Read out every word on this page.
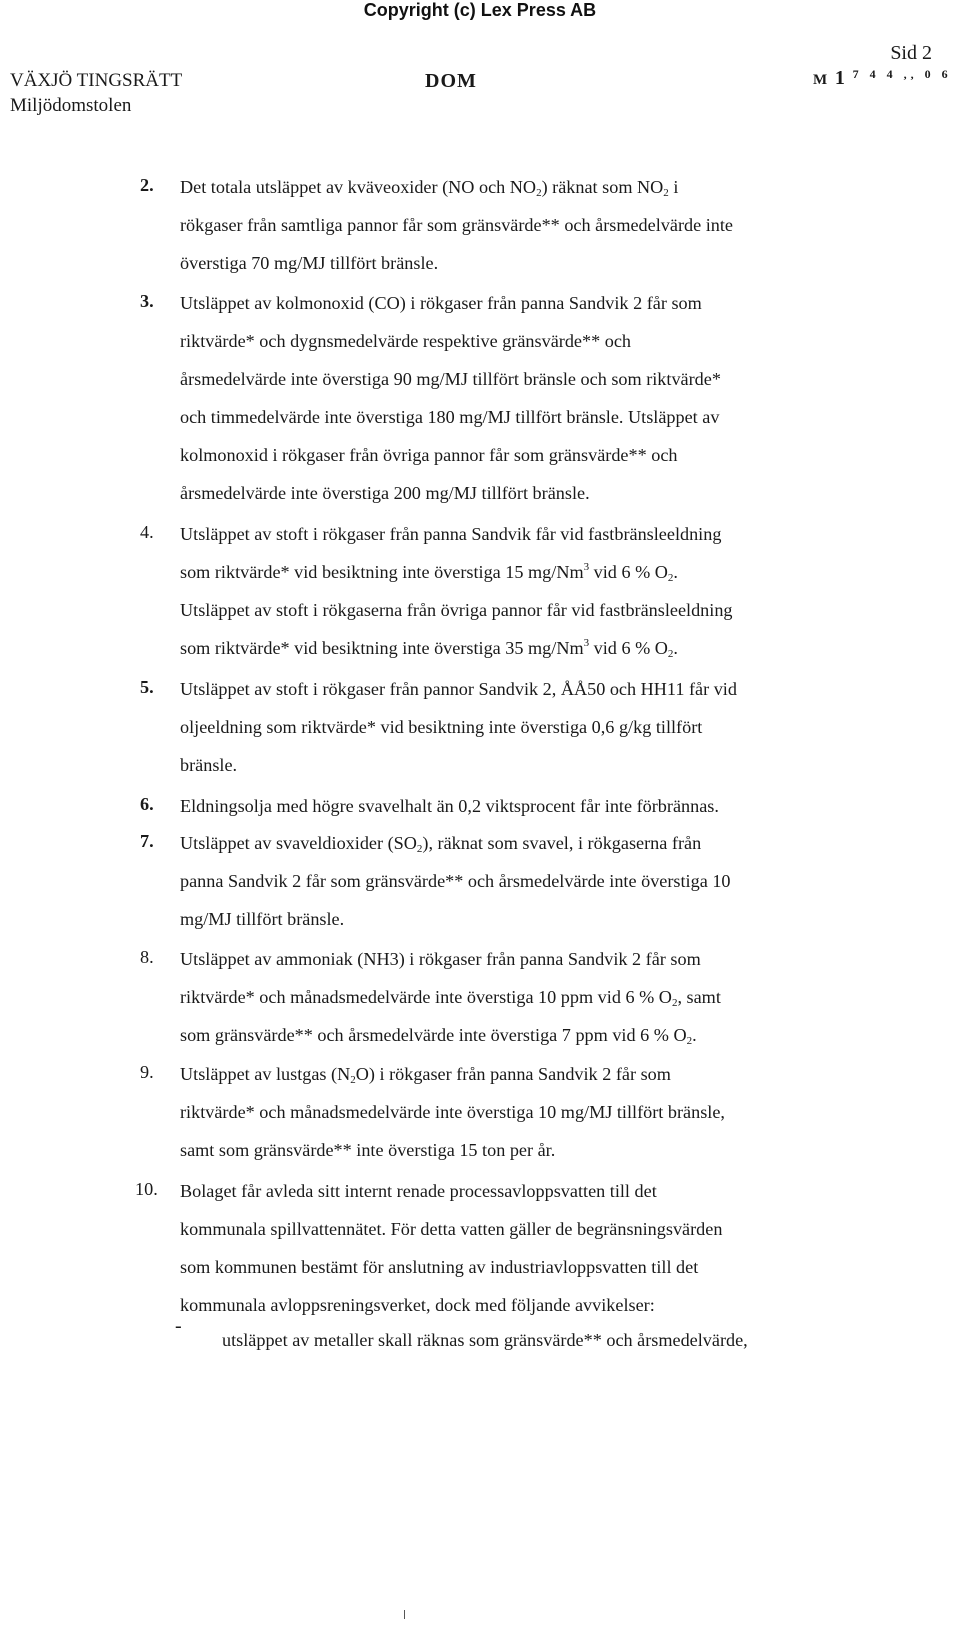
Copyright (c) Lex Press AB
Sid 2
VÄXJÖ TINGSRÄTT	DOM	M 1 $^{7 4 4 ,, 0 6}$
Miljödomstolen
2. Det totala utsläppet av kväveoxider (NO och $NO_2$) räknat som $NO_2$ i
rökgaser från samtliga pannor får som gränsvärde** och årsmedelvärde inte
överstiga 70 mg/MJ tillfört bränsle.
3. Utsläppet av kolmonoxid (CO) i rökgaser från panna Sandvik 2 får som
riktvärde* och dygnsmedelvärde respektive gränsvärde** och
årsmedelvärde inte överstiga 90 mg/MJ tillfört bränsle och som riktvärde*
och timmedelvärde inte överstiga 180 mg/MJ tillfört bränsle. Utsläppet av
kolmonoxid i rökgaser från övriga pannor får som gränsvärde** och
årsmedelvärde inte överstiga 200 mg/MJ tillfört bränsle.
4. Utsläppet av stoft i rökgaser från panna Sandvik får vid fastbränsleeldning
som riktvärde* vid besiktning inte överstiga 15 mg/Nm$^3$ vid 6 % $O_2$.
Utsläppet av stoft i rökgaserna från övriga pannor får vid fastbränsleeldning
som riktvärde* vid besiktning inte överstiga 35 mg/Nm$^3$ vid 6 % $O_2$.
5. Utsläppet av stoft i rökgaser från pannor Sandvik 2, ÅÅ50 och HH11 får vid
oljeeldning som riktvärde* vid besiktning inte överstiga 0,6 g/kg tillfört
bränsle.
6. Eldningsolja med högre svavelhalt än 0,2 viktsprocent får inte förbrännas.
7. Utsläppet av svaveldioxider $(SO_2)$, räknat som svavel, i rökgaserna från
panna Sandvik 2 får som gränsvärde** och årsmedelvärde inte överstiga 10
mg/MJ tillfört bränsle.
8. Utsläppet av ammoniak (NH3) i rökgaser från panna Sandvik 2 får som
riktvärde* och månadsmedelvärde inte överstiga 10 ppm vid 6 % $O_2$, samt
som gränsvärde** och årsmedelvärde inte överstiga 7 ppm vid 6 % $O_2$.
9. Utsläppet av lustgas $(N_2O)$ i rökgaser från panna Sandvik 2 får som
riktvärde* och månadsmedelvärde inte överstiga 10 mg/MJ tillfört bränsle,
samt som gränsvärde** inte överstiga 15 ton per år.
10. Bolaget får avleda sitt internt renade processavloppsvatten till det
kommunala spillvattennätet. För detta vatten gäller de begränsningsvärden
som kommunen bestämt för anslutning av industriavloppsvatten till det
kommunala avloppsreningsverket, dock med följande avvikelser:
-
utsläppet av metaller skall räknas som gränsvärde** och årsmedelvärde,
